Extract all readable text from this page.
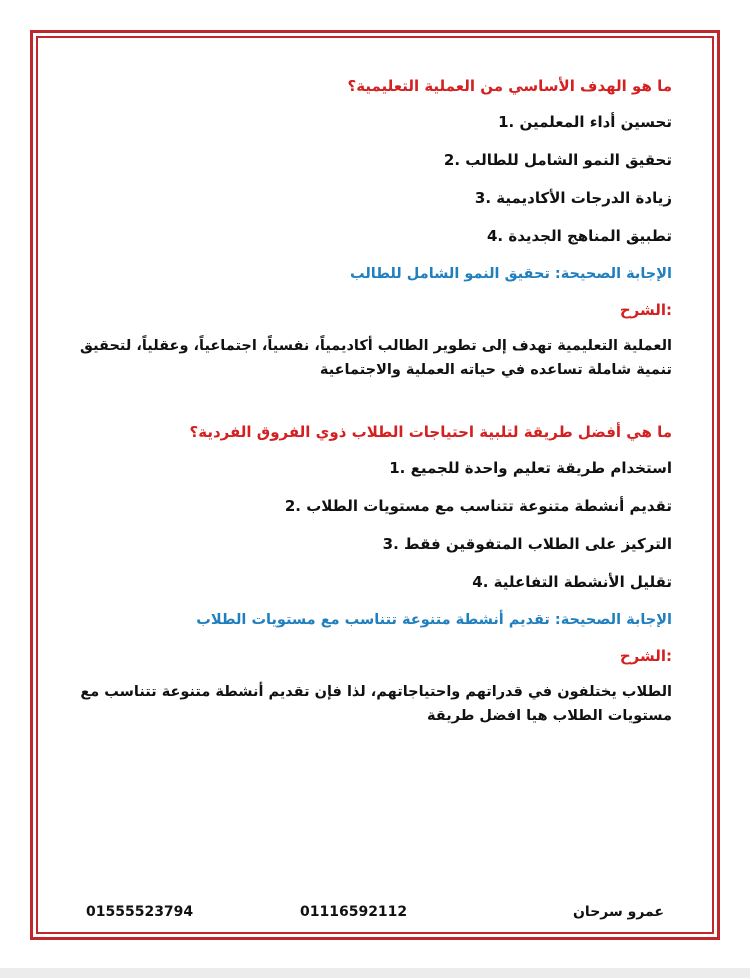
ما هو الهدف الأساسي من العملية التعليمية؟

تحسين أداء المعلمين .1

تحقيق النمو الشامل للطالب .2

زيادة الدرجات الأكاديمية .3

تطبيق المناهج الجديدة .4

الإجابة الصحيحة: تحقيق النمو الشامل للطالب

:الشرح

العملية التعليمية تهدف إلى تطوير الطالب أكاديمياً، نفسياً، اجتماعياً، وعقلياً، لتحقيق تنمية شاملة تساعده في حياته العملية والاجتماعية

ما هي أفضل طريقة لتلبية احتياجات الطلاب ذوي الفروق الفردية؟

استخدام طريقة تعليم واحدة للجميع .1

تقديم أنشطة متنوعة تتناسب مع مستويات الطلاب .2

التركيز على الطلاب المتفوقين فقط .3

تقليل الأنشطة التفاعلية .4

الإجابة الصحيحة: تقديم أنشطة متنوعة تتناسب مع مستويات الطلاب

:الشرح

الطلاب يختلفون في قدراتهم واحتياجاتهم، لذا فإن تقديم أنشطة متنوعة تتناسب مع مستويات الطلاب هيا افضل طريقة

01555523794	01116592112	عمرو سرحان
